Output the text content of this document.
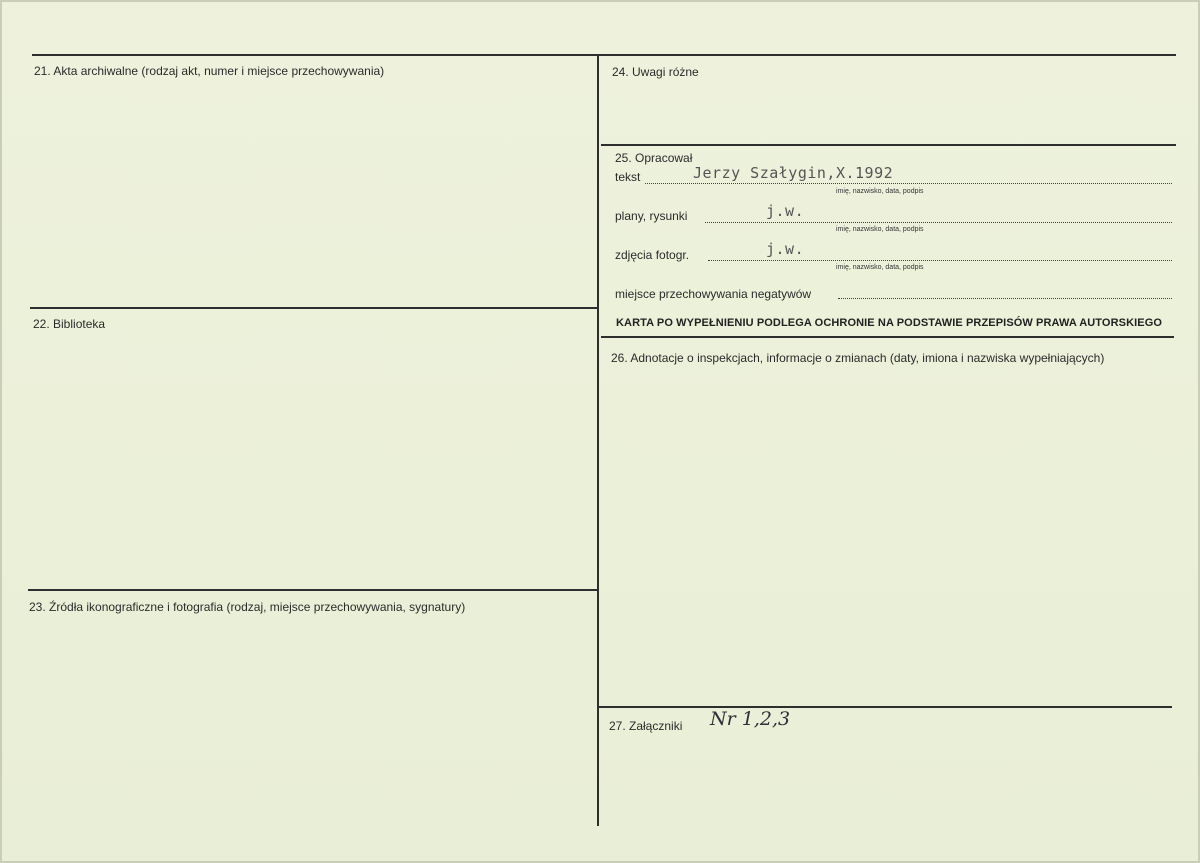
21. Akta archiwalne (rodzaj akt, numer i miejsce przechowywania)
22. Biblioteka
23. Źródła ikonograficzne i fotografia (rodzaj, miejsce przechowywania, sygnatury)
24. Uwagi różne
25. Opracował
tekst	Jerzy Szałygin,X.1992
imię, nazwisko, data, podpis
plany, rysunki	j.w.
imię, nazwisko, data, podpis
zdjęcia fotogr.	j.w.
imię, nazwisko, data, podpis
miejsce przechowywania negatywów
KARTA PO WYPEŁNIENIU PODLEGA OCHRONIE NA PODSTAWIE PRZEPISÓW PRAWA AUTORSKIEGO
26. Adnotacje o inspekcjach, informacje o zmianach (daty, imiona i nazwiska wypełniających)
27. Załączniki Nr 1,2,3
